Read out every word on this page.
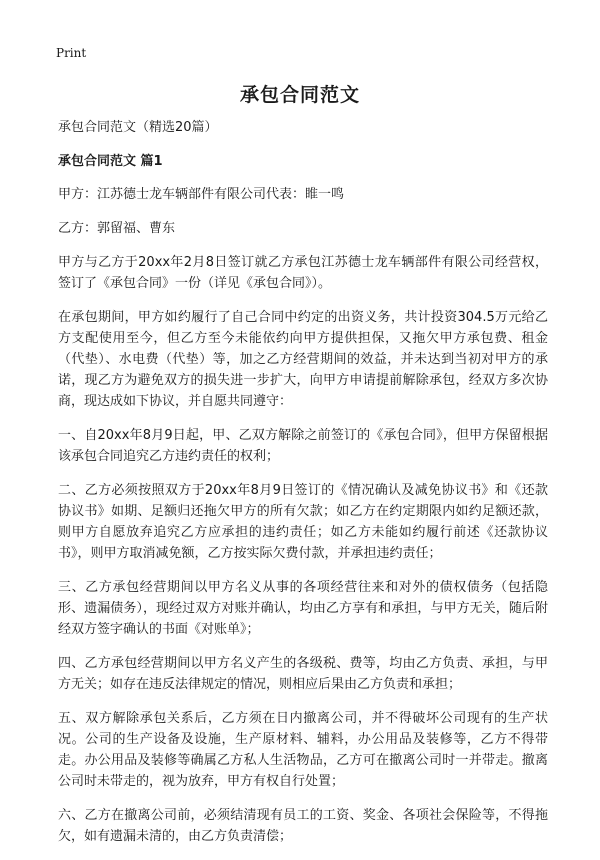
Print
承包合同范文

承包合同范文（精选20篇）

承包合同范文 篇1

甲方：江苏德士龙车辆部件有限公司代表：睢一鸣

乙方：郭留福、曹东

甲方与乙方于20xx年2月8日签订就乙方承包江苏德士龙车辆部件有限公司经营权，签订了《承包合同》一份（详见《承包合同》）。

在承包期间，甲方如约履行了自己合同中约定的出资义务，共计投资304.5万元给乙方支配使用至今，但乙方至今未能依约向甲方提供担保，又拖欠甲方承包费、租金（代垫）、水电费（代垫）等，加之乙方经营期间的效益，并未达到当初对甲方的承诺，现乙方为避免双方的损失进一步扩大，向甲方申请提前解除承包，经双方多次协商，现达成如下协议，并自愿共同遵守：

一、自20xx年8月9日起，甲、乙双方解除之前签订的《承包合同》，但甲方保留根据该承包合同追究乙方违约责任的权利；

二、乙方必须按照双方于20xx年8月9日签订的《情况确认及减免协议书》和《还款协议书》如期、足额归还拖欠甲方的所有欠款；如乙方在约定期限内如约足额还款，则甲方自愿放弃追究乙方应承担的违约责任；如乙方未能如约履行前述《还款协议书》，则甲方取消减免额，乙方按实际欠费付款，并承担违约责任；

三、乙方承包经营期间以甲方名义从事的各项经营往来和对外的债权债务（包括隐形、遗漏债务），现经过双方对账并确认，均由乙方享有和承担，与甲方无关，随后附经双方签字确认的书面《对账单》；

四、乙方承包经营期间以甲方名义产生的各级税、费等，均由乙方负责、承担，与甲方无关；如存在违反法律规定的情况，则相应后果由乙方负责和承担；

五、双方解除承包关系后，乙方须在日内撤离公司，并不得破坏公司现有的生产状况。公司的生产设备及设施，生产原材料、辅料，办公用品及装修等，乙方不得带走。办公用品及装修等确属乙方私人生活物品，乙方可在撤离公司时一并带走。撤离公司时未带走的，视为放弃，甲方有权自行处置；

六、乙方在撤离公司前，必须结清现有员工的工资、奖金、各项社会保险等，不得拖欠，如有遗漏未清的，由乙方负责清偿；
